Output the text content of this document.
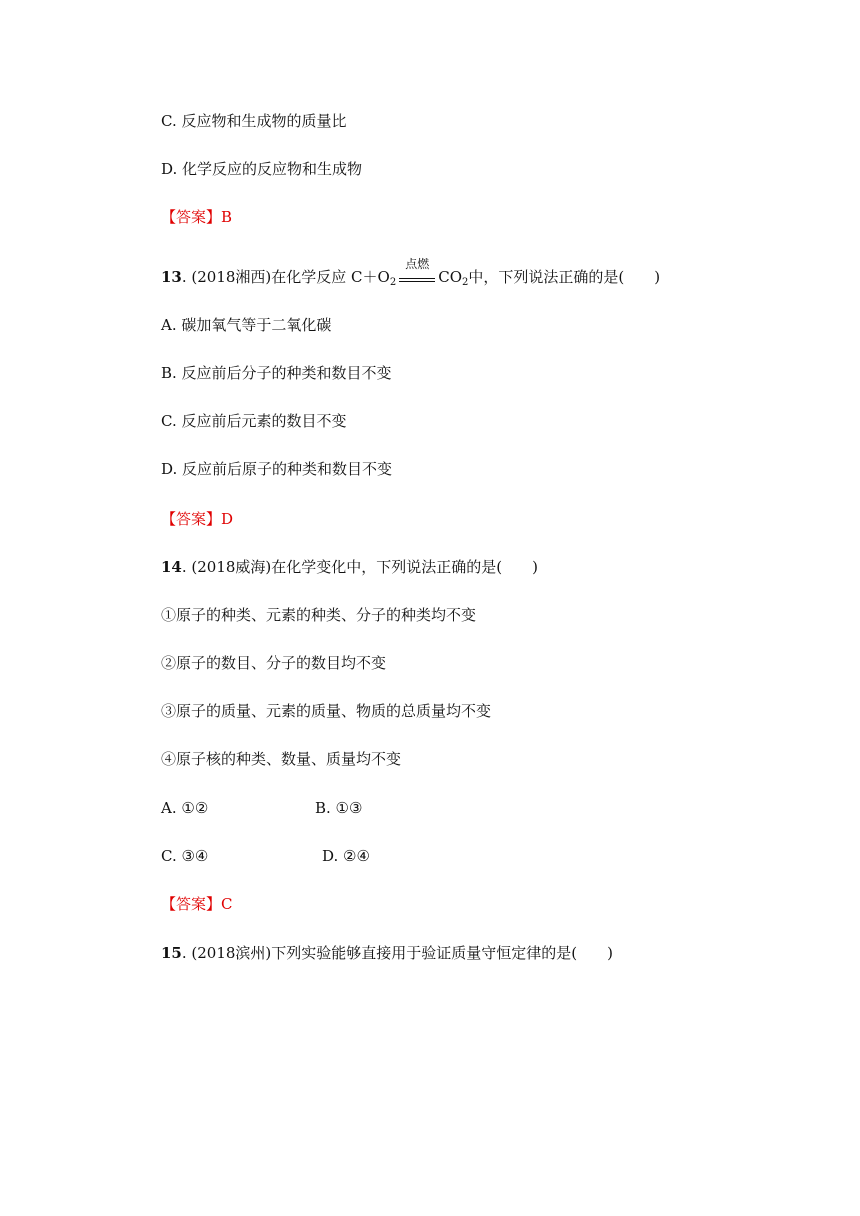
C. 反应物和生成物的质量比
D. 化学反应的反应物和生成物
【答案】B
13. (2018湘西)在化学反应 $C+O_2$
点燃
$CO_2$中，下列说法正确的是(　　)
A. 碳加氧气等于二氧化碳
B. 反应前后分子的种类和数目不变
C. 反应前后元素的数目不变
D. 反应前后原子的种类和数目不变
【答案】D
14. (2018威海)在化学变化中，下列说法正确的是(　　)
①原子的种类、元素的种类、分子的种类均不变
②原子的数目、分子的数目均不变
③原子的质量、元素的质量、物质的总质量均不变
④原子核的种类、数量、质量均不变
A. ①②	B. ①③
C. ③④	D. ②④
【答案】C
15. (2018滨州)下列实验能够直接用于验证质量守恒定律的是(　　)
